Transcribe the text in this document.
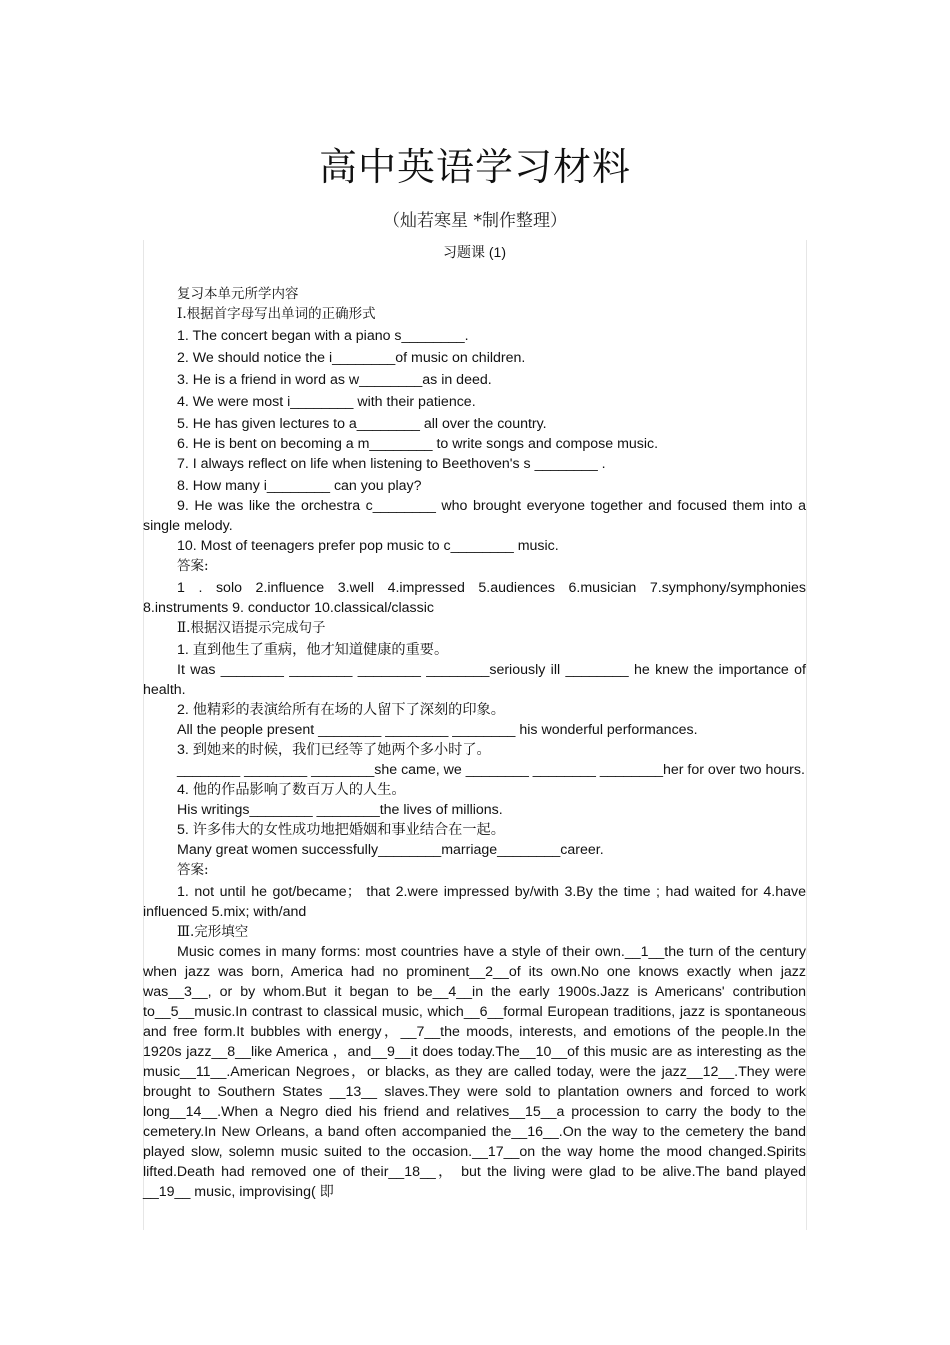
高中英语学习材料
（灿若寒星 *制作整理）
习题课 (1)

复习本单元所学内容

Ⅰ.根据首字母写出单词的正确形式

1. The concert began with a piano s________.

2. We should notice the i________of music on children.

3. He is a friend in word as w________as in deed.

4. We were most i________ with their patience.

5. He has given lectures to a________ all over the country.

6. He is bent on becoming a m________ to write songs and compose music.

7. I always reflect on life when listening to Beethoven's s ________ .

8. How many i________ can you play?

9. He was like the orchestra c________ who brought everyone together and focused them into a single melody.

10. Most of teenagers prefer pop music to c________ music.

答案:

1 . solo 2.influence 3.well 4.impressed 5.audiences 6.musician 7.symphony/symphonies 8.instruments 9. conductor 10.classical/classic

Ⅱ.根据汉语提示完成句子

1. 直到他生了重病，他才知道健康的重要。

It was ________ ________ ________ ________seriously ill ________ he knew the importance of health.

2. 他精彩的表演给所有在场的人留下了深刻的印象。

All the people present ________ ________ ________ his wonderful performances.

3. 到她来的时候，我们已经等了她两个多小时了。

________ ________ ________she came, we ________ ________ ________her for over two hours.

4. 他的作品影响了数百万人的人生。

His writings________ ________the lives of millions.

5. 许多伟大的女性成功地把婚姻和事业结合在一起。

Many great women successfully________marriage________career.

答案:

1. not until he got/became； that 2.were impressed by/with 3.By the time ; had waited for 4.have influenced 5.mix; with/and

Ⅲ.完形填空

Music comes in many forms: most countries have a style of their own.__1__the turn of the century when jazz was born, America had no prominent__2__of its own.No one knows exactly when jazz was__3__, or by whom.But it began to be__4__in the early 1900s.Jazz is Americans' contribution to__5__music.In contrast to classical music, which__6__formal European traditions, jazz is spontaneous and free form.It bubbles with energy，__7__the moods, interests, and emotions of the people.In the 1920s jazz__8__like America ，and__9__it does today.The__10__of this music are as interesting as the music__11__.American Negroes，or blacks, as they are called today, were the jazz__12__.They were brought to Southern States __13__ slaves.They were sold to plantation owners and forced to work long__14__.When a Negro died his friend and relatives__15__a procession to carry the body to the cemetery.In New Orleans, a band often accompanied the__16__.On the way to the cemetery the band played slow, solemn music suited to the occasion.__17__on the way home the mood changed.Spirits lifted.Death had removed one of their__18__， but the living were glad to be alive.The band played __19__ music, improvising( 即
